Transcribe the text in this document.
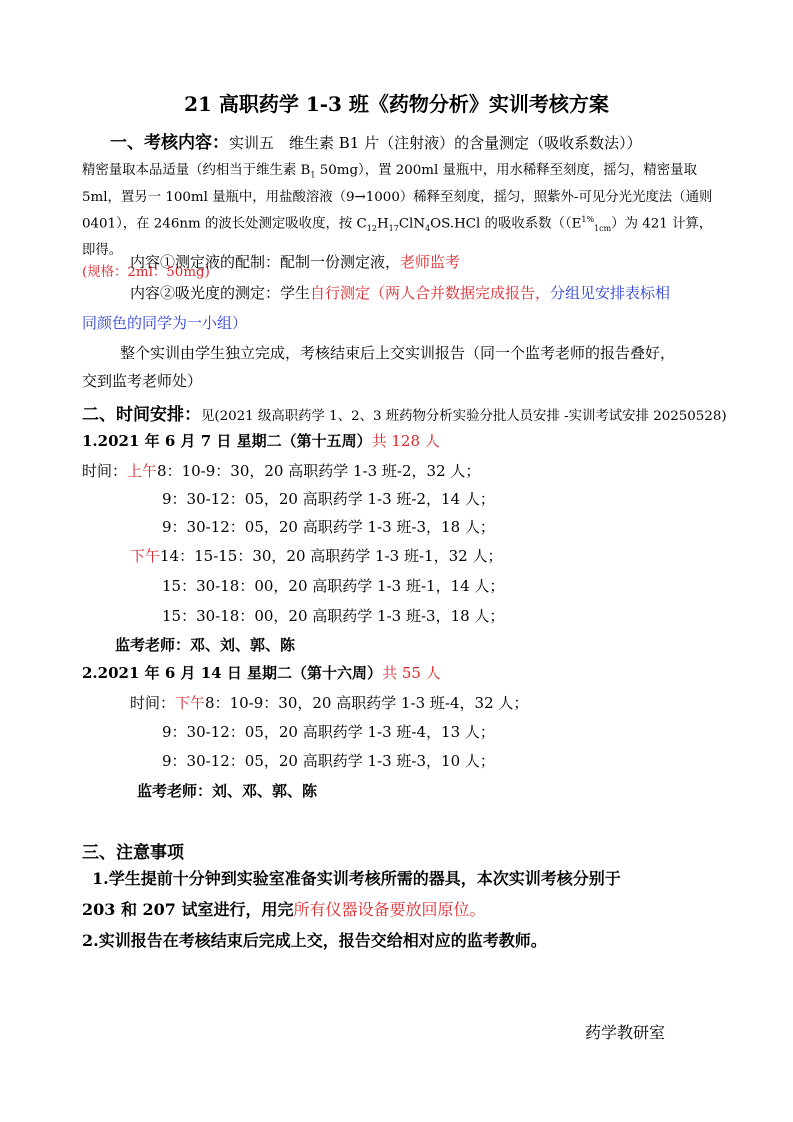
21 高职药学 1-3 班《药物分析》实训考核方案
一、考核内容：实训五　维生素 B1 片（注射液）的含量测定（吸收系数法））
精密量取本品适量（约相当于维生素 $B_1$ 50mg），置 200ml 量瓶中，用水稀释至刻度，摇匀，精密量取
5ml，置另一 100ml 量瓶中，用盐酸溶液（9→1000）稀释至刻度，摇匀，照紫外-可见分光光度法（通则
0401），在 246nm 的波长处测定吸收度，按 $C_{12}H_{17}ClN_4OS.HCl$ 的吸收系数（$(E^{1\%}_{1cm})$为 421 计算，即得。
(规格：2ml：50mg)
内容①测定液的配制：配制一份测定液，老师监考
内容②吸光度的测定：学生自行测定（两人合并数据完成报告，分组见安排表标相
同颜色的同学为一小组）
整个实训由学生独立完成，考核结束后上交实训报告（同一个监考老师的报告叠好，
交到监考老师处）
二、时间安排：见(2021 级高职药学 1、2、3 班药物分析实验分批人员安排 -实训考试安排 20250528)
1.2021 年 6 月 7 日 星期二（第十五周）共 128 人
时间：上午8：10-9：30，20 高职药学 1-3 班-2，32 人；
9：30-12：05，20 高职药学 1-3 班-2，14 人；
9：30-12：05，20 高职药学 1-3 班-3，18 人；
下午14：15-15：30，20 高职药学 1-3 班-1，32 人；
15：30-18：00，20 高职药学 1-3 班-1，14 人；
15：30-18：00，20 高职药学 1-3 班-3，18 人；
监考老师：邓、刘、郭、陈
2.2021 年 6 月 14 日 星期二（第十六周）共 55 人
时间：下午8：10-9：30，20 高职药学 1-3 班-4，32 人；
9：30-12：05，20 高职药学 1-3 班-4，13 人；
9：30-12：05，20 高职药学 1-3 班-3，10 人；
监考老师：刘、邓、郭、陈
三、注意事项
1.学生提前十分钟到实验室准备实训考核所需的器具，本次实训考核分别于
203 和 207 试室进行，用完所有仪器设备要放回原位。
2.实训报告在考核结束后完成上交，报告交给相对应的监考教师。
药学教研室
